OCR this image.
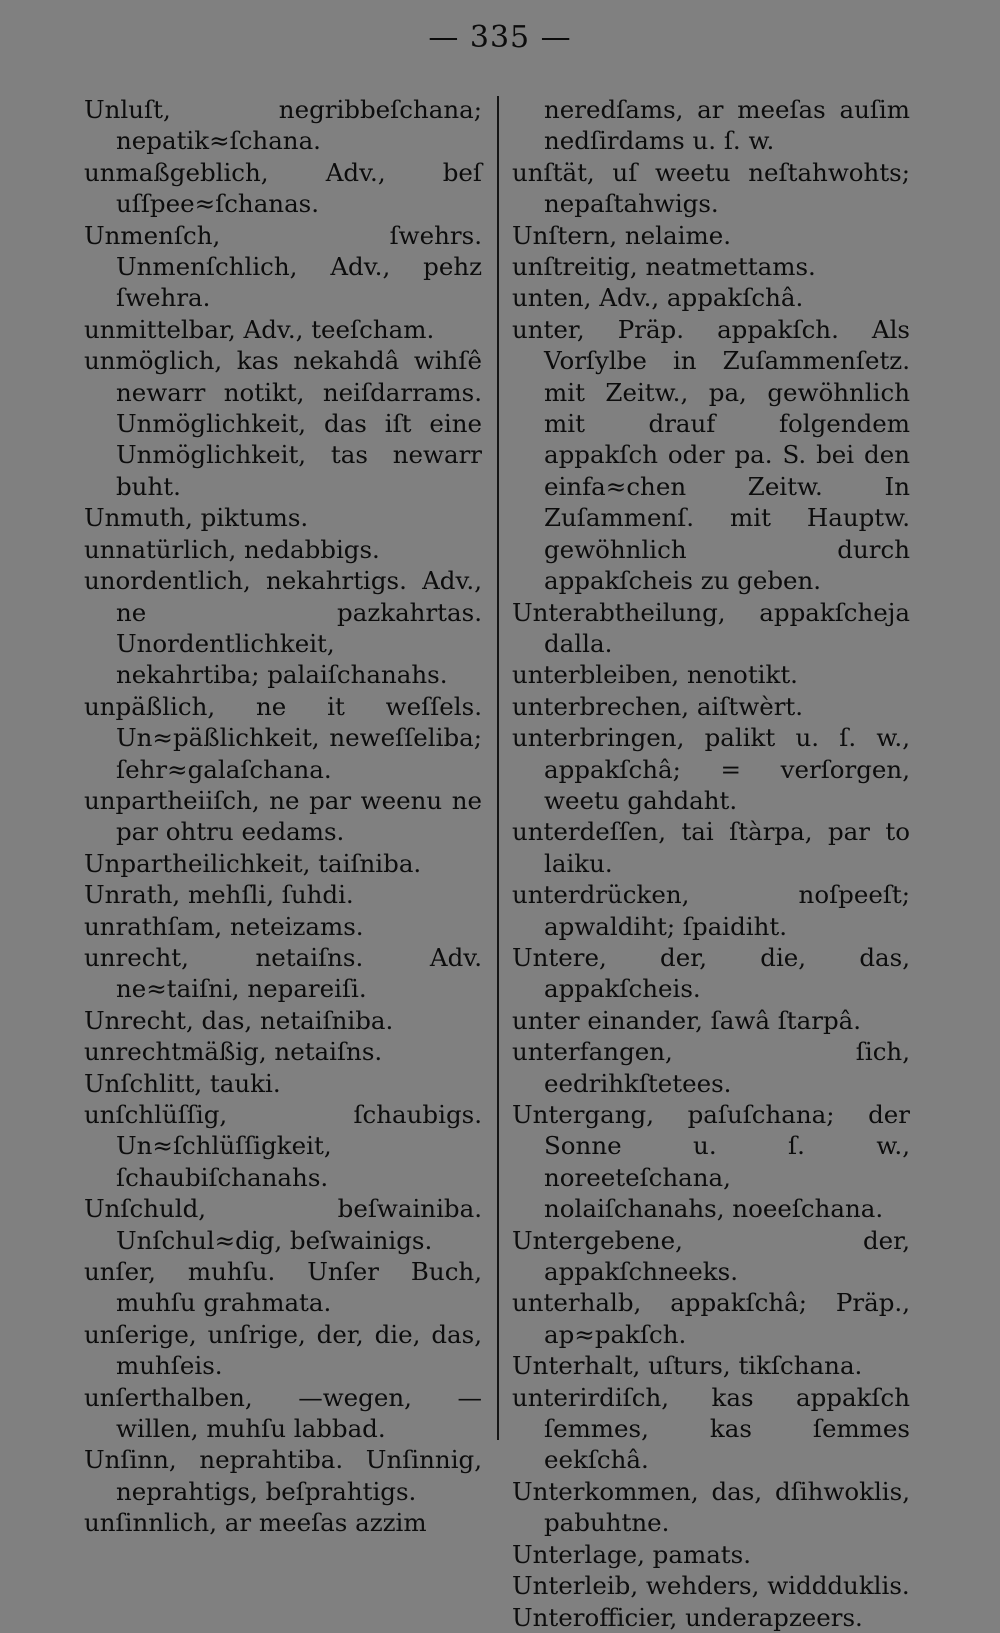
— 335 —
Unluſt, negribbeſchana; nepatik≈ſchana.
unmaßgeblich, Adv., beſ uſſpee≈ſchanas.
Unmenſch, ſwehrs. Unmenſchlich, Adv., pehz ſwehra.
unmittelbar, Adv., teeſcham.
unmöglich, kas nekahdâ wihſê newarr notikt, neiſdarrams. Unmöglichkeit, das iſt eine Unmöglichkeit, tas newarr buht.
Unmuth, piktums.
unnatürlich, nedabbigs.
unordentlich, nekahrtigs. Adv., ne pazkahrtas. Unordentlichkeit, nekahrtiba; palaiſchanahs.
unpäßlich, ne it weſſels. Un≈päßlichkeit, neweſſeliba; ſehr≈galaſchana.
unpartheiiſch, ne par weenu ne par ohtru eedams.
Unpartheilichkeit, taiſniba.
Unrath, mehſli, ſuhdi.
unrathſam, neteizams.
unrecht, netaiſns. Adv. ne≈taiſni, nepareiſi.
Unrecht, das, netaiſniba.
unrechtmäßig, netaiſns.
Unſchlitt, tauki.
unſchlüſſig, ſchaubigs. Un≈ſchlüſſigkeit, ſchaubiſchanahs.
Unſchuld, beſwainiba. Unſchul≈dig, beſwainigs.
unſer, muhſu. Unſer Buch, muhſu grahmata.
unſerige, unſrige, der, die, das, muhſeis.
unſerthalben, —wegen, —willen, muhſu labbad.
Unſinn, neprahtiba. Unſinnig, neprahtigs, beſprahtigs.
unſinnlich, ar meeſas azzim
neredſams, ar meeſas auſim nedſirdams u. ſ. w.
unſtät, uſ weetu neſtahwohts; nepaſtahwigs.
Unſtern, nelaime.
unſtreitig, neatmettams.
unten, Adv., appakſchâ.
unter, Präp. appakſch. Als Vorſylbe in Zuſammenſetz. mit Zeitw., pa, gewöhnlich mit drauf folgendem appakſch oder pa. S. bei den einfa≈chen Zeitw. In Zuſammenſ. mit Hauptw. gewöhnlich durch appakſcheis zu geben.
Unterabtheilung, appakſcheja dalla.
unterbleiben, nenotikt.
unterbrechen, aiſtwèrt.
unterbringen, palikt u. ſ. w., appakſchâ; = verſorgen, weetu gahdaht.
unterdeſſen, tai ſtàrpa, par to laiku.
unterdrücken, noſpeeſt; apwaldiht; ſpaidiht.
Untere, der, die, das, appakſcheis.
unter einander, ſawâ ſtarpâ.
unterfangen, ſich, eedrihkſtetees.
Untergang, paſuſchana; der Sonne u. ſ. w., noreeteſchana, nolaiſchanahs, noeeſchana.
Untergebene, der, appakſchneeks.
unterhalb, appakſchâ; Präp., ap≈pakſch.
Unterhalt, uſturs, tikſchana.
unterirdiſch, kas appakſch ſemmes, kas ſemmes eekſchâ.
Unterkommen, das, dſihwoklis, pabuhtne.
Unterlage, pamats.
Unterleib, wehders, widdduklis.
Unterofficier, underapzeers.
